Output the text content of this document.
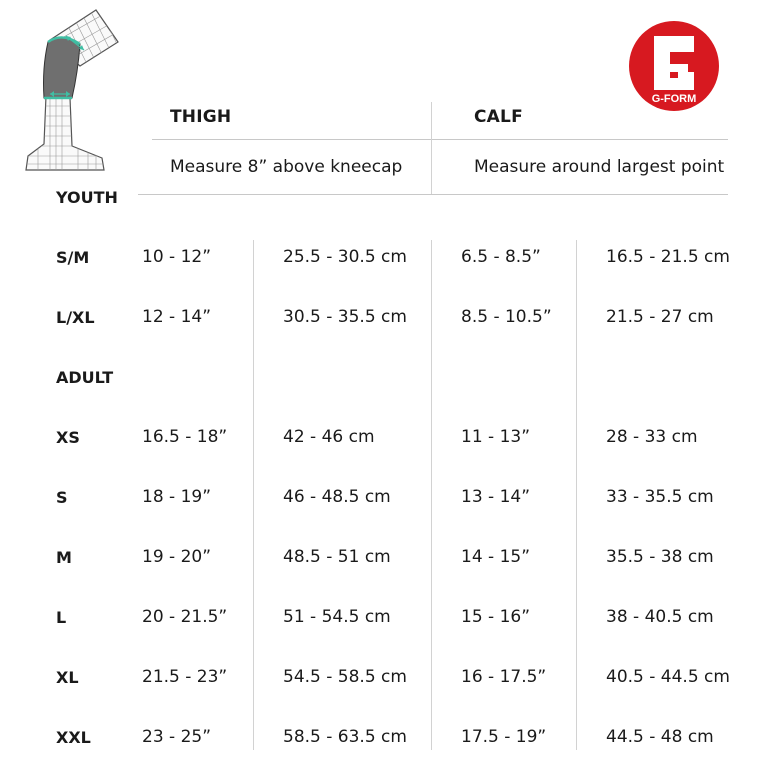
G-FORM
THIGH	CALF
Measure 8” above kneecap	Measure around largest point
YOUTH
ADULT
S/M	10 - 12”	25.5 - 30.5 cm	6.5 - 8.5”	16.5 - 21.5 cm
L/XL	12 - 14”	30.5 - 35.5 cm	8.5 - 10.5”	21.5 - 27 cm
XS	16.5 - 18”	42 - 46 cm	11 - 13”	28 - 33 cm
S	18 - 19”	46 - 48.5 cm	13 - 14”	33 - 35.5 cm
M	19 - 20”	48.5 - 51 cm	14 - 15”	35.5 - 38 cm
L	20 - 21.5”	51 - 54.5 cm	15 - 16”	38 - 40.5 cm
XL	21.5 - 23”	54.5 - 58.5 cm	16 - 17.5”	40.5 - 44.5 cm
XXL	23 - 25”	58.5 - 63.5 cm	17.5 - 19”	44.5 - 48 cm
